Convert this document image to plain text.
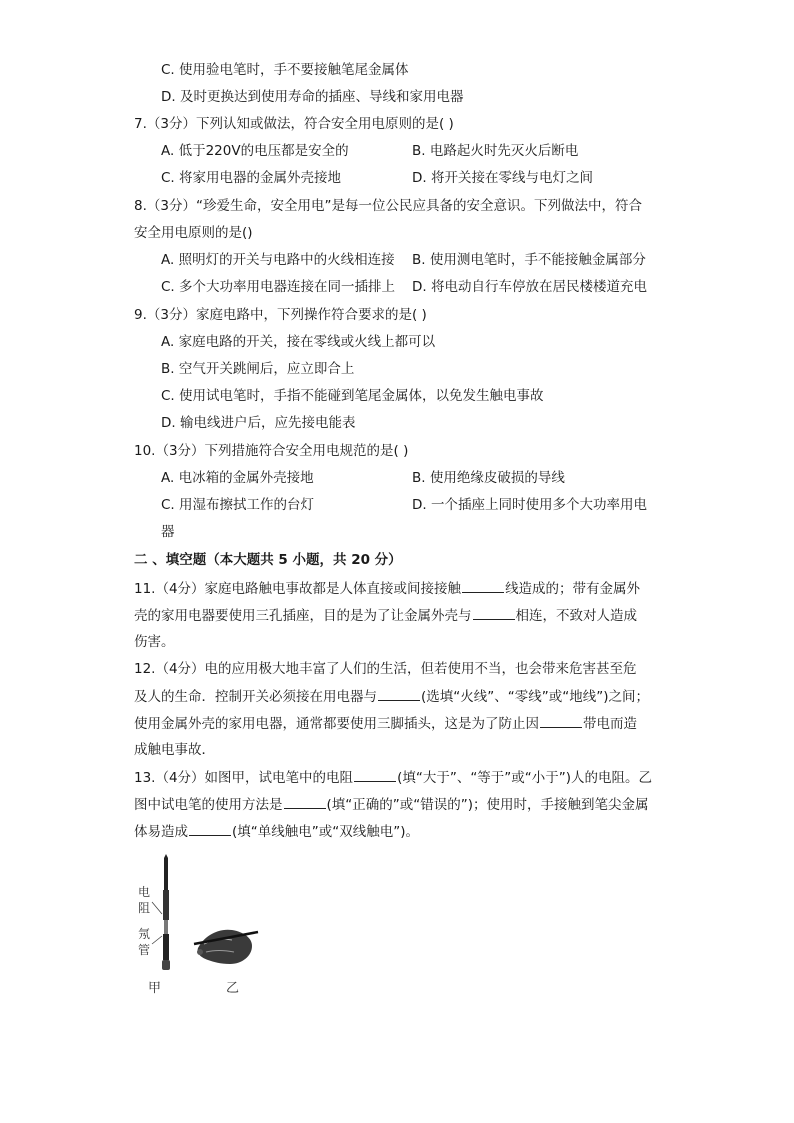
C. 使用验电笔时，手不要接触笔尾金属体
D. 及时更换达到使用寿命的插座、导线和家用电器
7.（3分）下列认知或做法，符合安全用电原则的是( )
A. 低于220V的电压都是安全的	B. 电路起火时先灭火后断电
C. 将家用电器的金属外壳接地	D. 将开关接在零线与电灯之间
8.（3分）“珍爱生命，安全用电”是每一位公民应具备的安全意识。下列做法中，符合
安全用电原则的是()
A. 照明灯的开关与电路中的火线相连接 B. 使用测电笔时，手不能接触金属部分
C. 多个大功率用电器连接在同一插排上 D. 将电动自行车停放在居民楼楼道充电
9.（3分）家庭电路中，下列操作符合要求的是( )
A. 家庭电路的开关，接在零线或火线上都可以
B. 空气开关跳闸后，应立即合上
C. 使用试电笔时，手指不能碰到笔尾金属体，以免发生触电事故
D. 输电线进户后，应先接电能表
10.（3分）下列措施符合安全用电规范的是( )
A. 电冰箱的金属外壳接地	B. 使用绝缘皮破损的导线
C. 用湿布擦拭工作的台灯	D. 一个插座上同时使用多个大功率用电
器
二 、填空题（本大题共 5 小题，共 20 分）
11.（4分）家庭电路触电事故都是人体直接或间接接触	线造成的；带有金属外
壳的家用电器要使用三孔插座，目的是为了让金属外壳与	相连，不致对人造成
伤害。
12.（4分）电的应用极大地丰富了人们的生活，但若使用不当，也会带来危害甚至危
及人的生命．控制开关必须接在用电器与	(选填“火线”、“零线”或“地线”)之间；
使用金属外壳的家用电器，通常都要使用三脚插头，这是为了防止因	带电而造
成触电事故．
13.（4分）如图甲，试电笔中的电阻	(填“大于”、“等于”或“小于”)人的电阻。乙
图中试电笔的使用方法是	(填“正确的”或“错误的”)；使用时，手接触到笔尖金属
体易造成	(填“单线触电”或“双线触电”)。
电
阻
氖
管
甲	乙
